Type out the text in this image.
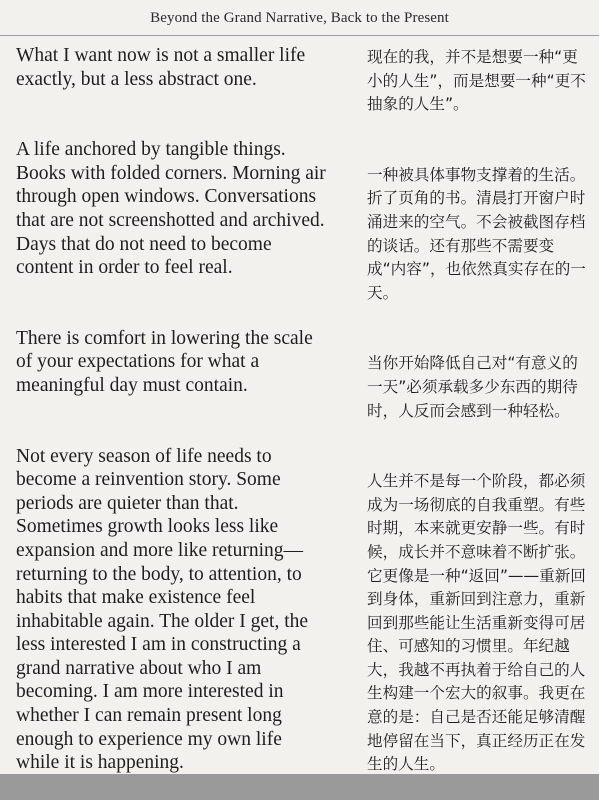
Beyond the Grand Narrative, Back to the Present

What I want now is not a smaller life exactly, but a less abstract one.

A life anchored by tangible things. Books with folded corners. Morning air through open windows. Conversations that are not screenshotted and archived. Days that do not need to become content in order to feel real.

There is comfort in lowering the scale of your expectations for what a meaningful day must contain.

Not every season of life needs to become a reinvention story. Some periods are quieter than that. Sometimes growth looks less like expansion and more like returning—returning to the body, to attention, to habits that make existence feel inhabitable again. The older I get, the less interested I am in constructing a grand narrative about who I am becoming. I am more interested in whether I can remain present long enough to experience my own life while it is happening.

现在的我，并不是想要一种“更小的人生”，而是想要一种“更不抽象的人生”。

一种被具体事物支撑着的生活。折了页角的书。清晨打开窗户时涌进来的空气。不会被截图存档的谈话。还有那些不需要变成“内容”，也依然真实存在的一天。

当你开始降低自己对“有意义的一天”必须承载多少东西的期待时，人反而会感到一种轻松。

人生并不是每一个阶段，都必须成为一场彻底的自我重塑。有些时期，本来就更安静一些。有时候，成长并不意味着不断扩张。它更像是一种“返回”——重新回到身体，重新回到注意力，重新回到那些能让生活重新变得可居住、可感知的习惯里。年纪越大，我越不再执着于给自己的人生构建一个宏大的叙事。我更在意的是：自己是否还能足够清醒地停留在当下，真正经历正在发生的人生。
